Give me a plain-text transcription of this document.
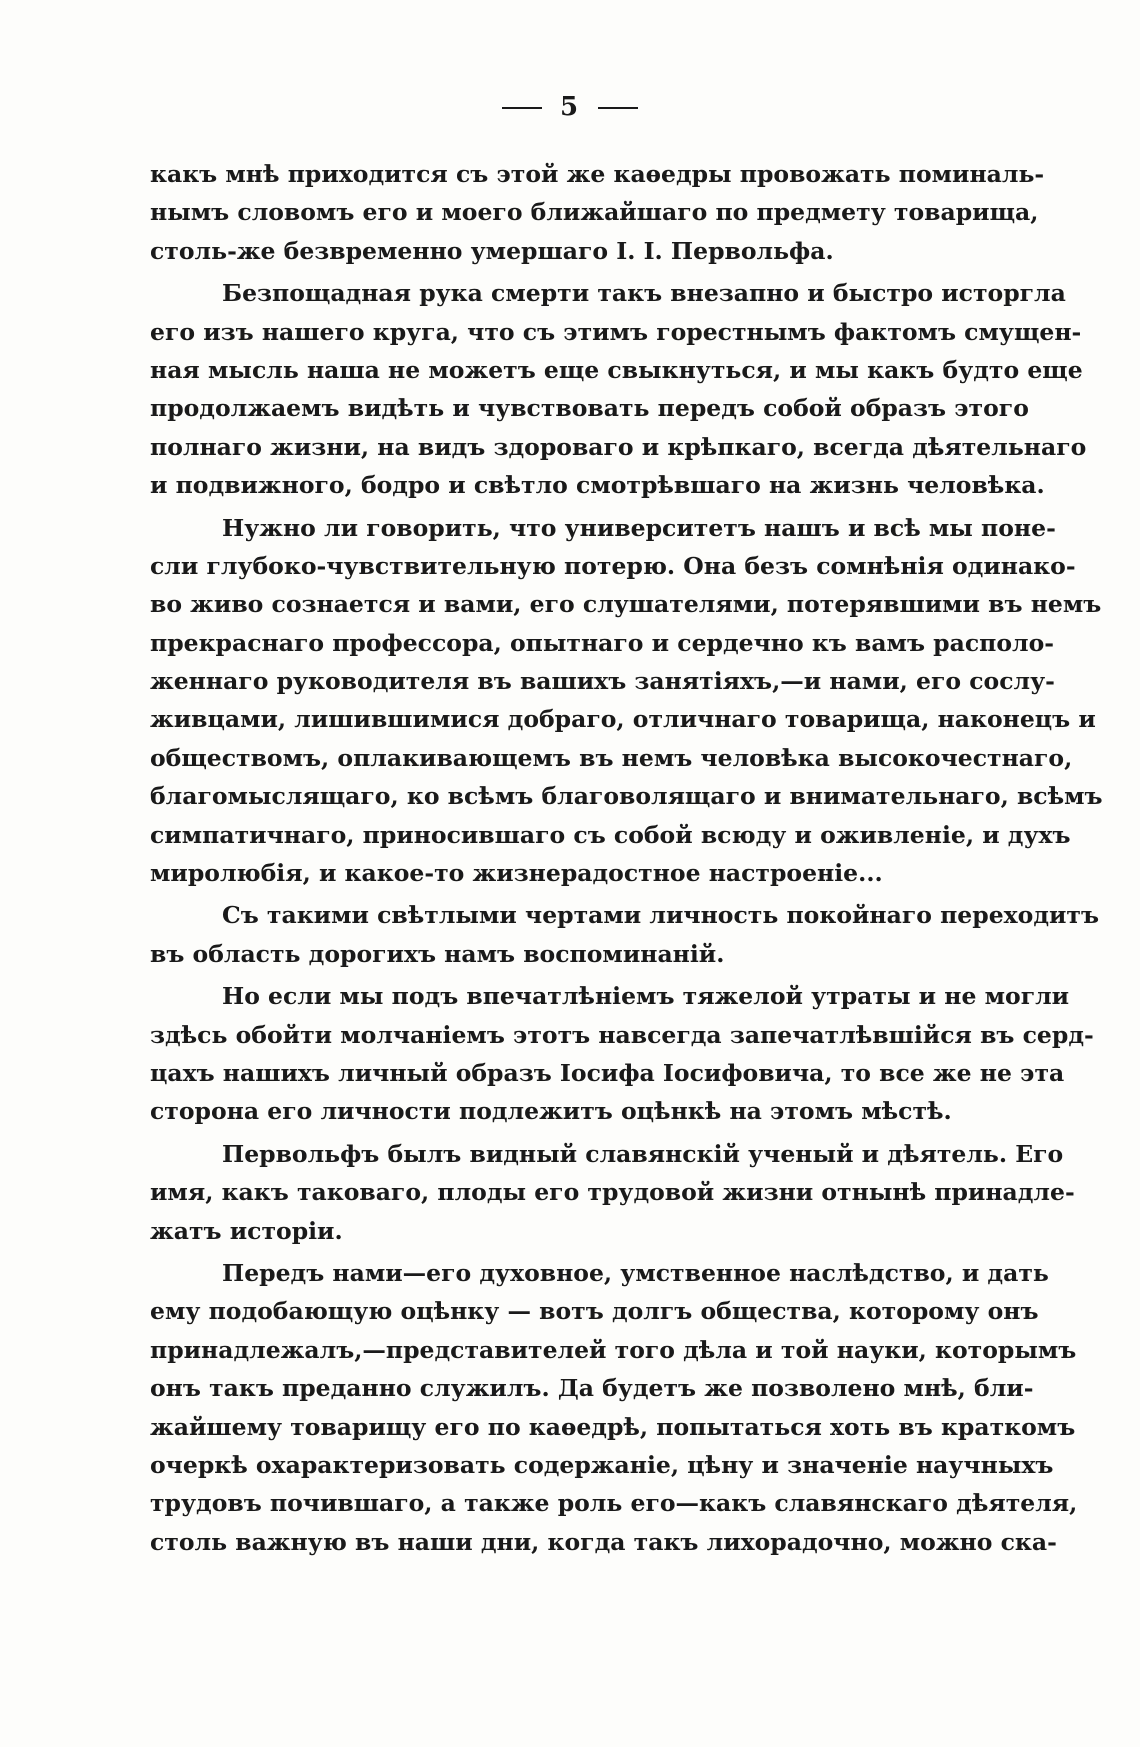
5
какъ мнѣ приходится съ этой же каѳедры провожать поминаль-
нымъ словомъ его и моего ближайшаго по предмету товарища,
столь-же безвременно умершаго I. I. Первольфа.
Безпощадная рука смерти такъ внезапно и быстро исторгла
его изъ нашего круга, что съ этимъ горестнымъ фактомъ смущен-
ная мысль наша не можетъ еще свыкнуться, и мы какъ будто еще
продолжаемъ видѣть и чувствовать передъ собой образъ этого
полнаго жизни, на видъ здороваго и крѣпкаго, всегда дѣятельнаго
и подвижного, бодро и свѣтло смотрѣвшаго на жизнь человѣка.
Нужно ли говорить, что университетъ нашъ и всѣ мы поне-
сли глубоко-чувствительную потерю. Она безъ сомнѣнія одинако-
во живо сознается и вами, его слушателями, потерявшими въ немъ
прекраснаго профессора, опытнаго и сердечно къ вамъ располо-
женнаго руководителя въ вашихъ занятіяхъ,—и нами, его сослу-
живцами, лишившимися добраго, отличнаго товарища, наконецъ и
обществомъ, оплакивающемъ въ немъ человѣка высокочестнаго,
благомыслящаго, ко всѣмъ благоволящаго и внимательнаго, всѣмъ
симпатичнаго, приносившаго съ собой всюду и оживленіе, и духъ
миролюбія, и какое-то жизнерадостное настроеніе...
Съ такими свѣтлыми чертами личность покойнаго переходитъ
въ область дорогихъ намъ воспоминаній.
Но если мы подъ впечатлѣніемъ тяжелой утраты и не могли
здѣсь обойти молчаніемъ этотъ навсегда запечатлѣвшійся въ серд-
цахъ нашихъ личный образъ Іосифа Іосифовича, то все же не эта
сторона его личности подлежитъ оцѣнкѣ на этомъ мѣстѣ.
Первольфъ былъ видный славянскій ученый и дѣятель. Его
имя, какъ таковаго, плоды его трудовой жизни отнынѣ принадле-
жатъ исторіи.
Передъ нами—его духовное, умственное наслѣдство, и дать
ему подобающую оцѣнку — вотъ долгъ общества, которому онъ
принадлежалъ,—представителей того дѣла и той науки, которымъ
онъ такъ преданно служилъ. Да будетъ же позволено мнѣ, бли-
жайшему товарищу его по каѳедрѣ, попытаться хоть въ краткомъ
очеркѣ охарактеризовать содержаніе, цѣну и значеніе научныхъ
трудовъ почившаго, а также роль его—какъ славянскаго дѣятеля,
столь важную въ наши дни, когда такъ лихорадочно, можно ска-
